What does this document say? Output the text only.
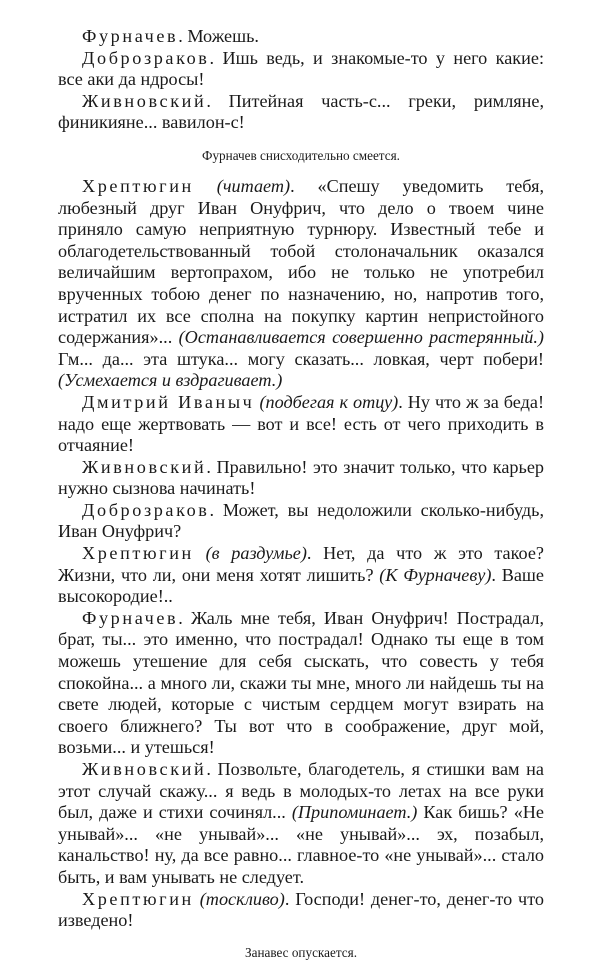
Фурначев. Можешь.

Доброзраков. Ишь ведь, и знакомые-то у него какие: все аки да ндросы!

Живновский. Питейная часть-с... греки, римляне, финикияне... вавилон-с!

Фурначев снисходительно смеется.

Хрептюгин (читает). «Спешу уведомить тебя, любезный друг Иван Онуфрич, что дело о твоем чине приняло самую неприятную турнюру. Известный тебе и облагодетельствованный тобой столоначальник оказался величайшим вертопрахом, ибо не только не употребил врученных тобою денег по назначению, но, напротив того, истратил их все сполна на покупку картин непристойного содержания»... (Останавливается совершенно растерянный.) Гм... да... эта штука... могу сказать... ловкая, черт побери! (Усмехается и вздрагивает.)

Дмитрий Иваныч (подбегая к отцу). Ну что ж за беда! надо еще жертвовать — вот и все! есть от чего приходить в отчаяние!

Живновский. Правильно! это значит только, что карьер нужно сызнова начинать!

Доброзраков. Может, вы недоложили сколько-нибудь, Иван Онуфрич?

Хрептюгин (в раздумье). Нет, да что ж это такое? Жизни, что ли, они меня хотят лишить? (К Фурначеву). Ваше высокородие!..

Фурначев. Жаль мне тебя, Иван Онуфрич! Пострадал, брат, ты... это именно, что пострадал! Однако ты еще в том можешь утешение для себя сыскать, что совесть у тебя спокойна... а много ли, скажи ты мне, много ли найдешь ты на свете людей, которые с чистым сердцем могут взирать на своего ближнего? Ты вот что в соображение, друг мой, возьми... и утешься!

Живновский. Позвольте, благодетель, я стишки вам на этот случай скажу... я ведь в молодых-то летах на все руки был, даже и стихи сочинял... (Припоминает.) Как бишь? «Не унывай»... «не унывай»... «не унывай»... эх, позабыл, канальство! ну, да все равно... главное-то «не унывай»... стало быть, и вам унывать не следует.

Хрептюгин (тоскливо). Господи! денег-то, денег-то что изведено!

Занавес опускается.
